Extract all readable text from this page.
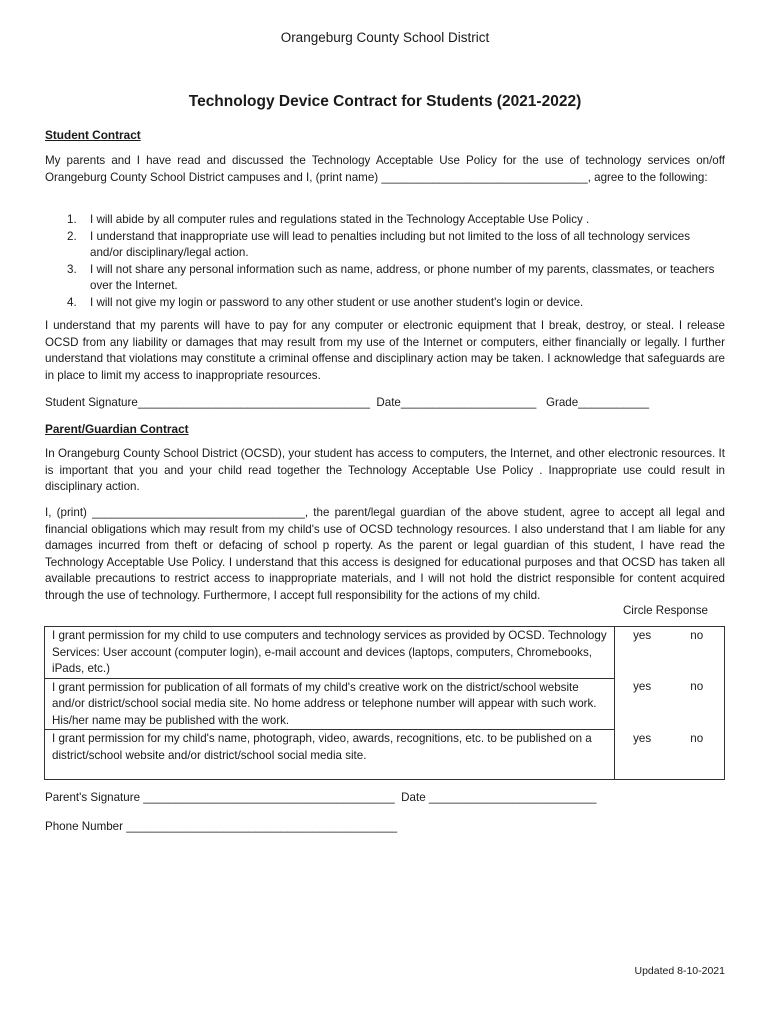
Orangeburg County School District
Technology Device Contract for Students (2021-2022)
Student Contract
My parents and I have read and discussed the Technology Acceptable Use Policy for the use of technology services on/off Orangeburg County School District campuses and I, (print name) ________________________________, agree to the following:
1. I will abide by all computer rules and regulations stated in the Technology Acceptable Use Policy .
2. I understand that inappropriate use will lead to penalties including but not limited to the loss of all technology services and/or disciplinary/legal action.
3. I will not share any personal information such as name, address, or phone number of my parents, classmates, or teachers over the Internet.
4. I will not give my login or password to any other student or use another student's login or device.
I understand that my parents will have to pay for any computer or electronic equipment that I break, destroy, or steal. I release OCSD from any liability or damages that may result from my use of the Internet or computers, either financially or legally. I further understand that violations may constitute a criminal offense and disciplinary action may be taken. I acknowledge that safeguards are in place to limit my access to inappropriate resources.
Student Signature____________________________________  Date_____________________   Grade___________
Parent/Guardian Contract
In Orangeburg County School District (OCSD), your student has access to computers, the Internet, and other electronic resources. It is important that you and your child read together the Technology Acceptable Use Policy . Inappropriate use could result in disciplinary action.
I, (print) _________________________________, the parent/legal guardian of the above student, agree to accept all legal and financial obligations which may result from my child's use of OCSD technology resources. I also understand that I am liable for any damages incurred from theft or defacing of school p roperty. As the parent or legal guardian of this student, I have read the Technology Acceptable Use Policy. I understand that this access is designed for educational purposes and that OCSD has taken all available precautions to restrict access to inappropriate materials, and I will not hold the district responsible for content acquired through the use of technology. Furthermore, I accept full responsibility for the actions of my child.
Circle Response
I grant permission for my child to use computers and technology services as provided by OCSD. Technology Services: User account (computer login), e-mail account and devices (laptops, computers, Chromebooks, iPads, etc.)	yes	no
I grant permission for publication of all formats of my child's creative work on the district/school website and/or district/school social media site. No home address or telephone number will appear with such work. His/her name may be published with the work.	yes	no
I grant permission for my child's name, photograph, video, awards, recognitions, etc. to be published on a district/school website and/or district/school social media site.	yes	no
Parent's Signature _______________________________________  Date __________________________
Phone Number __________________________________________
Updated 8-10-2021
